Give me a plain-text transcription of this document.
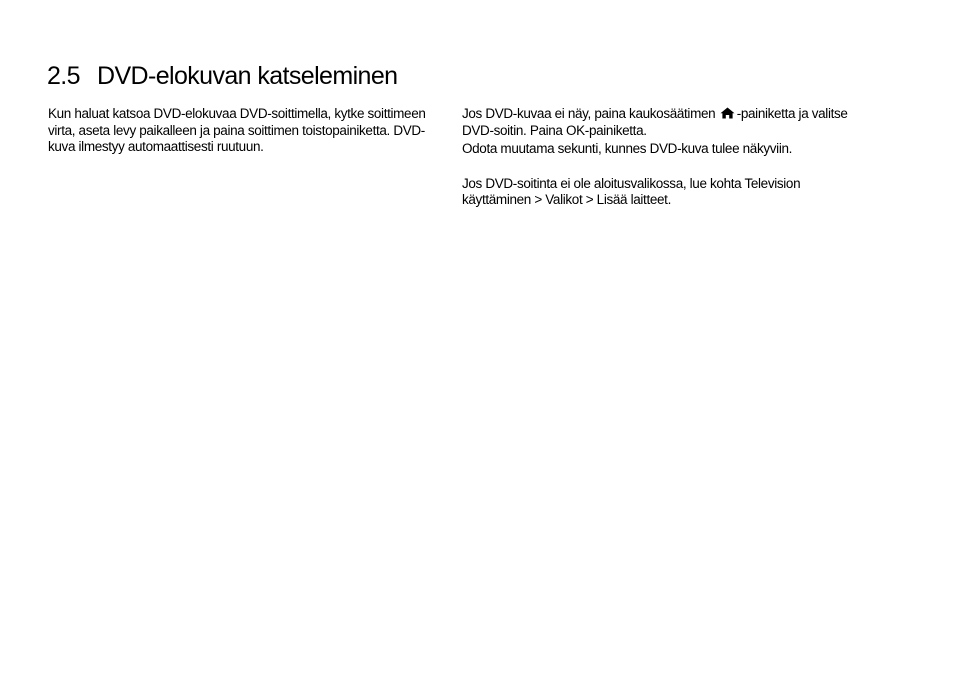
2.5 DVD-elokuvan katseleminen

Kun haluat katsoa DVD-elokuvaa DVD-soittimella, kytke soittimeen virta, aseta levy paikalleen ja paina soittimen toistopainiketta. DVD-kuva ilmestyy automaattisesti ruutuun.

Jos DVD-kuvaa ei näy, paina kaukosäätimen
-painiketta ja valitse DVD-soitin. Paina OK-painiketta.

Odota muutama sekunti, kunnes DVD-kuva tulee näkyviin.

Jos DVD-soitinta ei ole aloitusvalikossa, lue kohta Television käyttäminen > Valikot > Lisää laitteet.
